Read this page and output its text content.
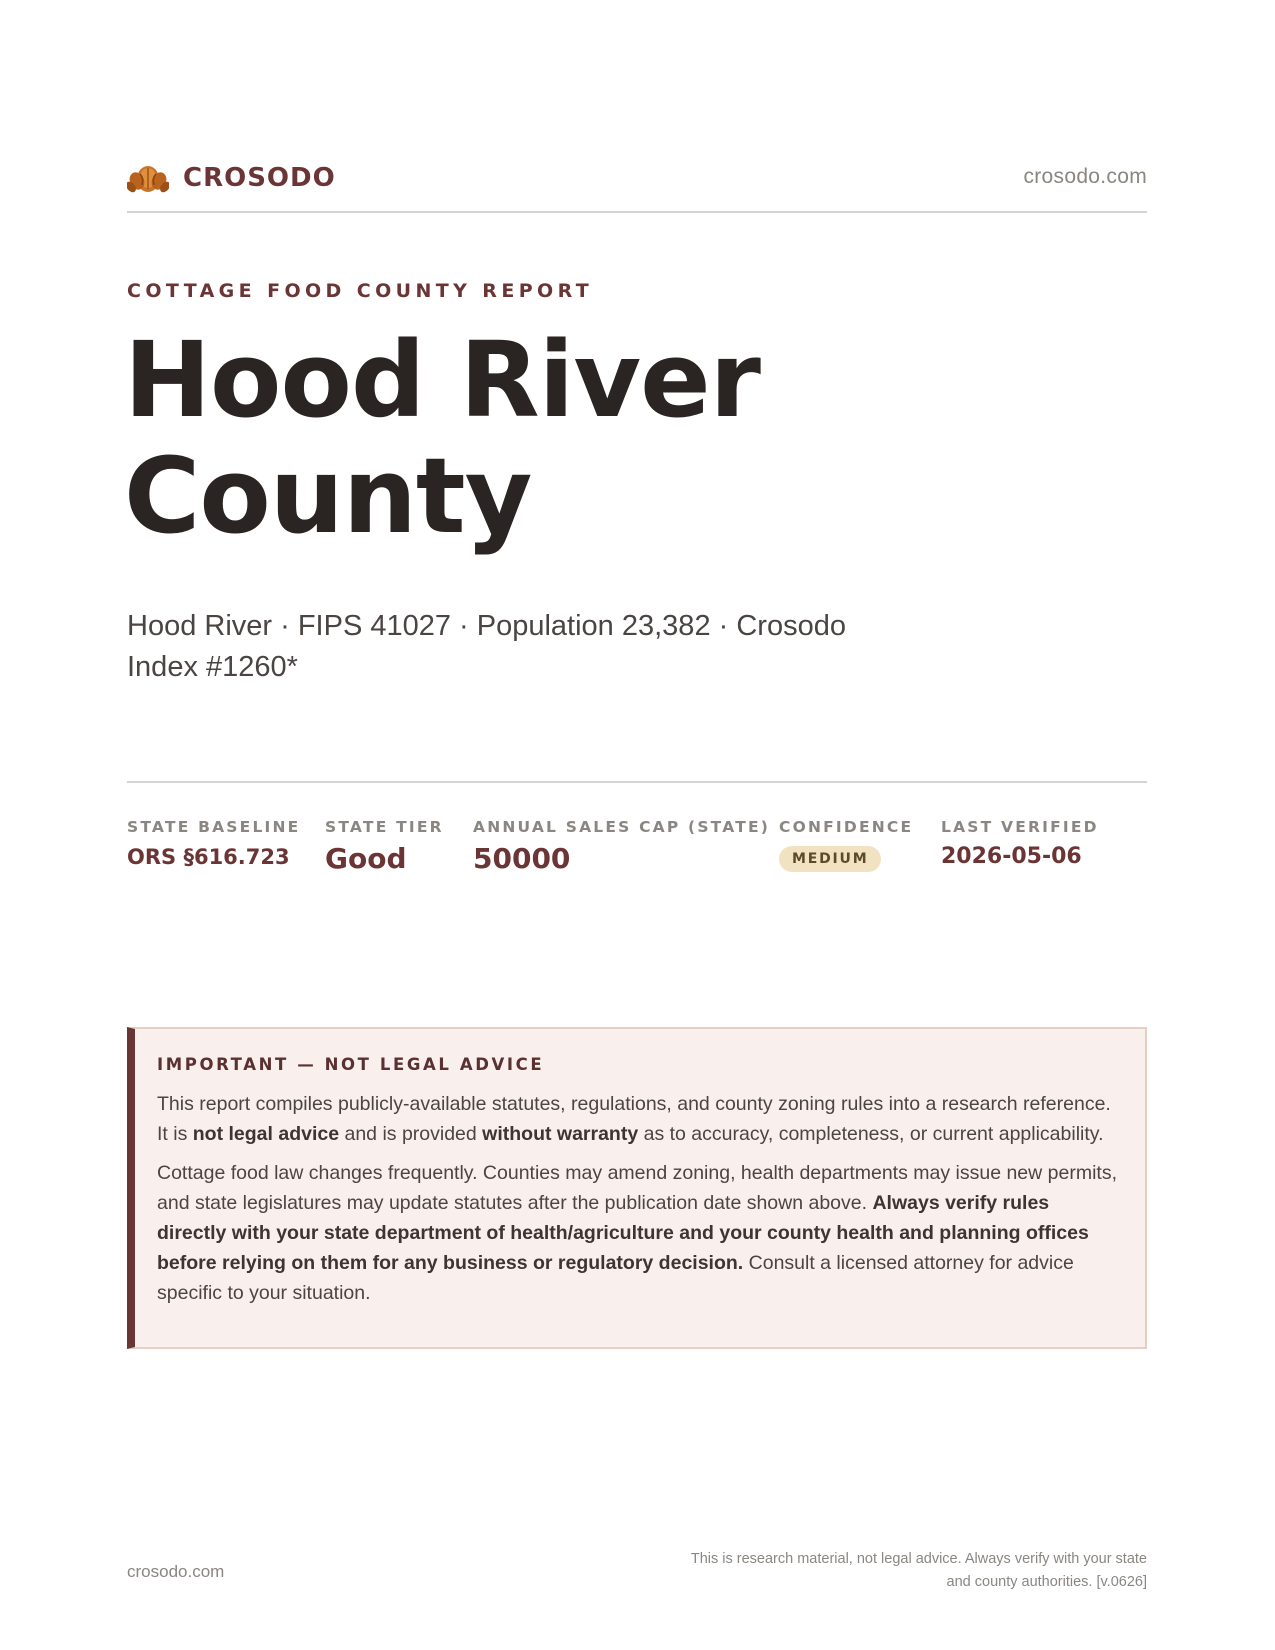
CROSODO	crosodo.com
COTTAGE FOOD COUNTY REPORT
Hood River
County

Hood River · FIPS 41027 · Population 23,382 · Crosodo Index #1260*

STATE BASELINE
ORS §616.723
STATE TIER
Good
ANNUAL SALES CAP (STATE)
50000
CONFIDENCE
MEDIUM
LAST VERIFIED
2026-05-06
IMPORTANT — NOT LEGAL ADVICE

This report compiles publicly-available statutes, regulations, and county zoning rules into a research reference. It is not legal advice and is provided without warranty as to accuracy, completeness, or current applicability.

Cottage food law changes frequently. Counties may amend zoning, health departments may issue new permits, and state legislatures may update statutes after the publication date shown above. Always verify rules directly with your state department of health/agriculture and your county health and planning offices before relying on them for any business or regulatory decision. Consult a licensed attorney for advice specific to your situation.

crosodo.com
This is research material, not legal advice. Always verify with your state
and county authorities. [v.0626]
